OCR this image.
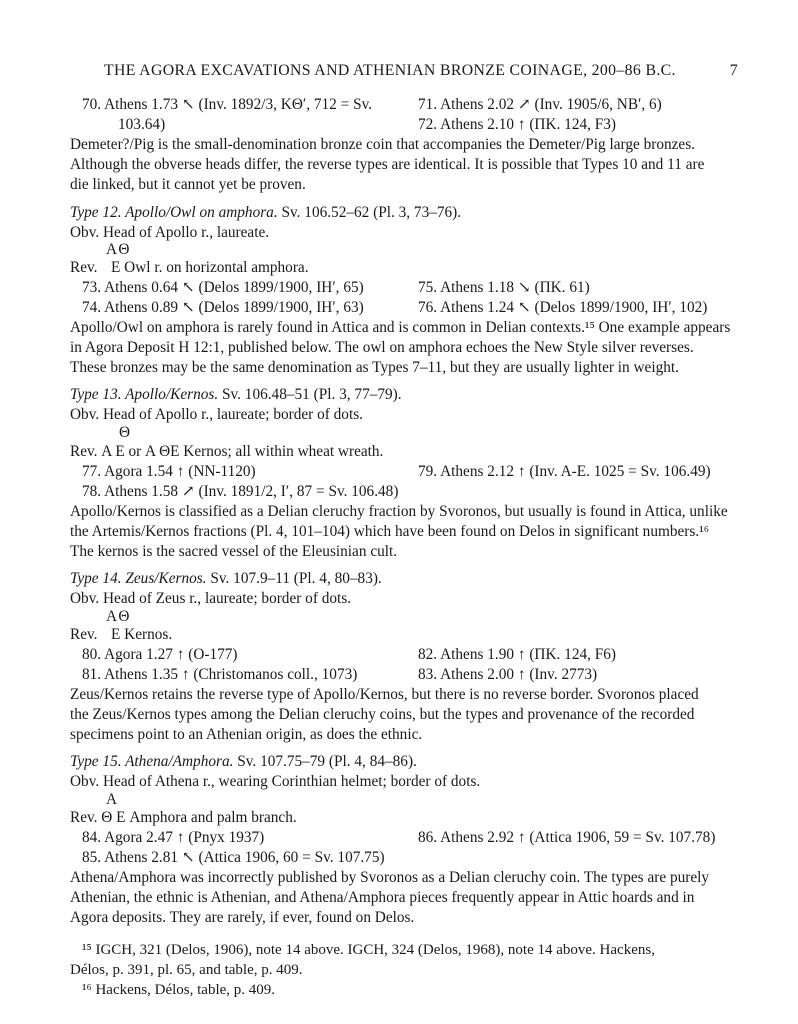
THE AGORA EXCAVATIONS AND ATHENIAN BRONZE COINAGE, 200–86 B.C.	7
70. Athens 1.73 ↖ (Inv. 1892/3, KΘ′, 712 = Sv.
103.64)
71. Athens 2.02 ↗ (Inv. 1905/6, NB′, 6)
72. Athens 2.10 ↑ (ΠΚ. 124, F3)
Demeter?/Pig is the small-denomination bronze coin that accompanies the Demeter/Pig large bronzes.
Although the obverse heads differ, the reverse types are identical. It is possible that Types 10 and 11 are
die linked, but it cannot yet be proven.
Type 12. Apollo/Owl on amphora. Sv. 106.52–62 (Pl. 3, 73–76).
Obv. Head of Apollo r., laureate.
ΑΘ
Rev. E Owl r. on horizontal amphora.
73. Athens 0.64 ↖ (Delos 1899/1900, IH′, 65)
74. Athens 0.89 ↖ (Delos 1899/1900, IH′, 63)
75. Athens 1.18 ↘ (ΠΚ. 61)
76. Athens 1.24 ↖ (Delos 1899/1900, IH′, 102)
Apollo/Owl on amphora is rarely found in Attica and is common in Delian contexts.¹⁵ One example appears
in Agora Deposit H 12:1, published below. The owl on amphora echoes the New Style silver reverses.
These bronzes may be the same denomination as Types 7–11, but they are usually lighter in weight.
Type 13. Apollo/Kernos. Sv. 106.48–51 (Pl. 3, 77–79).
Obv. Head of Apollo r., laureate; border of dots.
Θ
Rev. Α Ε or Α ΘΕ Kernos; all within wheat wreath.
77. Agora 1.54 ↑ (NN-1120)
78. Athens 1.58 ↗ (Inv. 1891/2, I′, 87 = Sv. 106.48)
79. Athens 2.12 ↑ (Inv. A-E. 1025 = Sv. 106.49)
Apollo/Kernos is classified as a Delian cleruchy fraction by Svoronos, but usually is found in Attica, unlike
the Artemis/Kernos fractions (Pl. 4, 101–104) which have been found on Delos in significant numbers.¹⁶
The kernos is the sacred vessel of the Eleusinian cult.
Type 14. Zeus/Kernos. Sv. 107.9–11 (Pl. 4, 80–83).
Obv. Head of Zeus r., laureate; border of dots.
ΑΘ
Rev. E Kernos.
80. Agora 1.27 ↑ (O-177)
81. Athens 1.35 ↑ (Christomanos coll., 1073)
82. Athens 1.90 ↑ (ΠΚ. 124, F6)
83. Athens 2.00 ↑ (Inv. 2773)
Zeus/Kernos retains the reverse type of Apollo/Kernos, but there is no reverse border. Svoronos placed
the Zeus/Kernos types among the Delian cleruchy coins, but the types and provenance of the recorded
specimens point to an Athenian origin, as does the ethnic.
Type 15. Athena/Amphora. Sv. 107.75–79 (Pl. 4, 84–86).
Obv. Head of Athena r., wearing Corinthian helmet; border of dots.
Α
Rev. Θ Ε Amphora and palm branch.
84. Agora 2.47 ↑ (Pnyx 1937)
85. Athens 2.81 ↖ (Attica 1906, 60 = Sv. 107.75)
86. Athens 2.92 ↑ (Attica 1906, 59 = Sv. 107.78)
Athena/Amphora was incorrectly published by Svoronos as a Delian cleruchy coin. The types are purely
Athenian, the ethnic is Athenian, and Athena/Amphora pieces frequently appear in Attic hoards and in
Agora deposits. They are rarely, if ever, found on Delos.
¹⁵ IGCH, 321 (Delos, 1906), note 14 above. IGCH, 324 (Delos, 1968), note 14 above. Hackens,
Délos, p. 391, pl. 65, and table, p. 409.
¹⁶ Hackens, Délos, table, p. 409.
